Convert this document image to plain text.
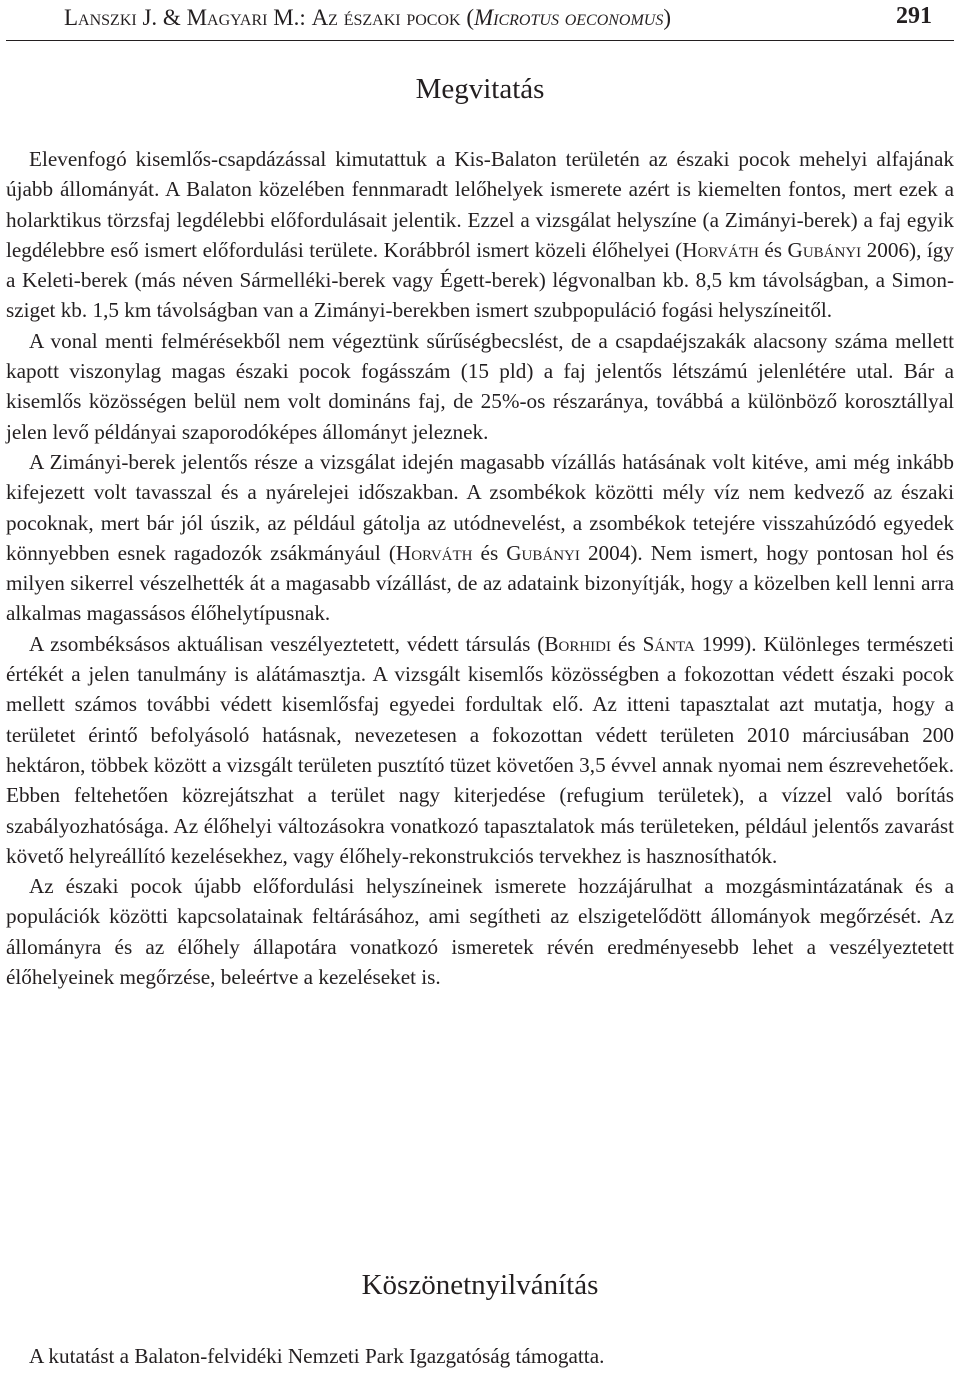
Lanszki J. & Magyari M.: Az északi pocok (Microtus oeconomus)	291
Megvitatás

Elevenfogó kisemlős-csapdázással kimutattuk a Kis-Balaton területén az északi pocok mehelyi alfajának újabb állományát. A Balaton közelében fennmaradt lelőhelyek ismerete azért is kiemelten fontos, mert ezek a holarktikus törzsfaj legdélebbi előfordulásait jelentik. Ezzel a vizsgálat helyszíne (a Zimányi-berek) a faj egyik legdélebbre eső ismert előfordulási területe. Korábbról ismert közeli élőhelyei (Horváth és Gubányi 2006), így a Keleti-berek (más néven Sármelléki-berek vagy Égett-berek) légvonalban kb. 8,5 km távolságban, a Simon-sziget kb. 1,5 km távolságban van a Zimányi-berekben ismert szubpopuláció fogási helyszíneitől.

A vonal menti felmérésekből nem végeztünk sűrűségbecslést, de a csapdaéjszakák alacsony száma mellett kapott viszonylag magas északi pocok fogásszám (15 pld) a faj jelentős létszámú jelenlétére utal. Bár a kisemlős közösségen belül nem volt domináns faj, de 25%-os részaránya, továbbá a különböző korosztállyal jelen levő példányai szaporodóképes állományt jeleznek.

A Zimányi-berek jelentős része a vizsgálat idején magasabb vízállás hatásának volt kitéve, ami még inkább kifejezett volt tavasszal és a nyárelejei időszakban. A zsombékok közötti mély víz nem kedvező az északi pocoknak, mert bár jól úszik, az például gátolja az utódnevelést, a zsombékok tetejére visszahúzódó egyedek könnyebben esnek ragadozók zsákmányául (Horváth és Gubányi 2004). Nem ismert, hogy pontosan hol és milyen sikerrel vészelhették át a magasabb vízállást, de az adataink bizonyítják, hogy a közelben kell lenni arra alkalmas magassásos élőhelytípusnak.

A zsombéksásos aktuálisan veszélyeztetett, védett társulás (Borhidi és Sánta 1999). Különleges természeti értékét a jelen tanulmány is alátámasztja. A vizsgált kisemlős közösségben a fokozottan védett északi pocok mellett számos további védett kisemlősfaj egyedei fordultak elő. Az itteni tapasztalat azt mutatja, hogy a területet érintő befolyásoló hatásnak, nevezetesen a fokozottan védett területen 2010 márciusában 200 hektáron, többek között a vizsgált területen pusztító tüzet követően 3,5 évvel annak nyomai nem észrevehetőek. Ebben feltehetően közrejátszhat a terület nagy kiterjedése (refugium területek), a vízzel való borítás szabályozhatósága. Az élőhelyi változásokra vonatkozó tapasztalatok más területeken, például jelentős zavarást követő helyreállító kezelésekhez, vagy élőhely-rekonstrukciós tervekhez is hasznosíthatók.

Az északi pocok újabb előfordulási helyszíneinek ismerete hozzájárulhat a mozgásmintázatának és a populációk közötti kapcsolatainak feltárásához, ami segítheti az elszigetelődött állományok megőrzését. Az állományra és az élőhely állapotára vonatkozó ismeretek révén eredményesebb lehet a veszélyeztetett élőhelyeinek megőrzése, beleértve a kezeléseket is.

Köszönetnyilvánítás

A kutatást a Balaton-felvidéki Nemzeti Park Igazgatóság támogatta.
